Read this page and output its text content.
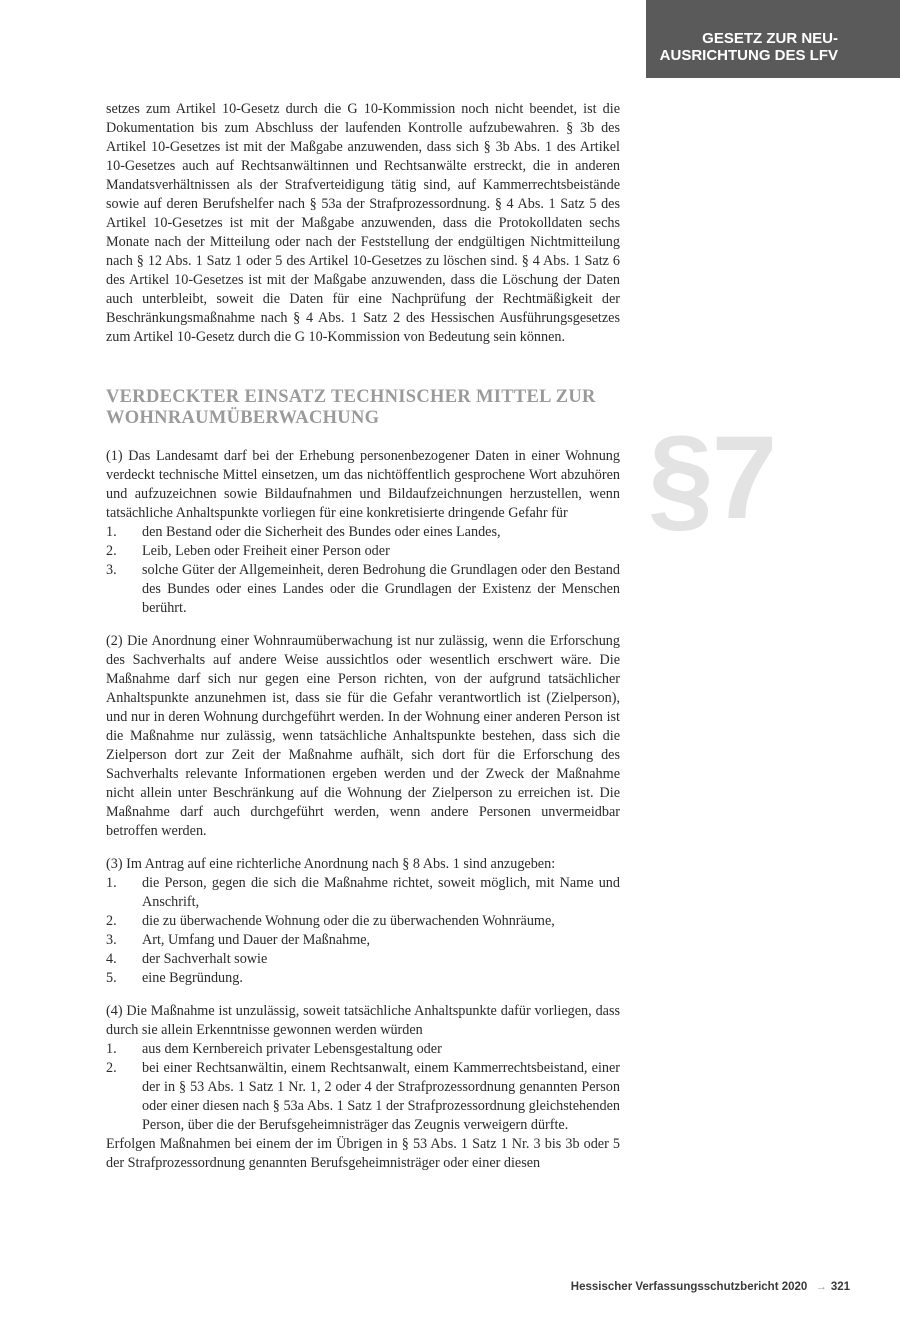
GESETZ ZUR NEU-
AUSRICHTUNG DES LFV
§7

setzes zum Artikel 10-Gesetz durch die G 10-Kommission noch nicht beendet, ist die Dokumentation bis zum Abschluss der laufenden Kontrolle aufzubewahren. § 3b des Artikel 10-Gesetzes ist mit der Maßgabe anzuwenden, dass sich § 3b Abs. 1 des Artikel 10-Gesetzes auch auf Rechtsanwältinnen und Rechtsanwälte erstreckt, die in anderen Mandatsverhältnissen als der Strafverteidigung tätig sind, auf Kammerrechtsbeistände sowie auf deren Berufshelfer nach § 53a der Strafprozessordnung. § 4 Abs. 1 Satz 5 des Artikel 10-Gesetzes ist mit der Maßgabe anzuwenden, dass die Protokolldaten sechs Monate nach der Mitteilung oder nach der Feststellung der endgültigen Nichtmitteilung nach § 12 Abs. 1 Satz 1 oder 5 des Artikel 10-Gesetzes zu löschen sind. § 4 Abs. 1 Satz 6 des Artikel 10-Gesetzes ist mit der Maßgabe anzuwenden, dass die Löschung der Daten auch unterbleibt, soweit die Daten für eine Nachprüfung der Rechtmäßigkeit der Beschränkungsmaßnahme nach § 4 Abs. 1 Satz 2 des Hessischen Ausführungsgesetzes zum Artikel 10-Gesetz durch die G 10-Kommission von Bedeutung sein können.

VERDECKTER EINSATZ TECHNISCHER MITTEL ZUR
WOHNRAUMÜBERWACHUNG

(1) Das Landesamt darf bei der Erhebung personenbezogener Daten in einer Wohnung verdeckt technische Mittel einsetzen, um das nichtöffentlich gesprochene Wort abzuhören und aufzuzeichnen sowie Bildaufnahmen und Bildaufzeichnungen herzustellen, wenn tatsächliche Anhaltspunkte vorliegen für eine konkretisierte dringende Gefahr für

1. den Bestand oder die Sicherheit des Bundes oder eines Landes,
2. Leib, Leben oder Freiheit einer Person oder
3. solche Güter der Allgemeinheit, deren Bedrohung die Grundlagen oder den Bestand des Bundes oder eines Landes oder die Grundlagen der Existenz der Menschen berührt.

(2) Die Anordnung einer Wohnraumüberwachung ist nur zulässig, wenn die Erforschung des Sachverhalts auf andere Weise aussichtlos oder wesentlich erschwert wäre. Die Maßnahme darf sich nur gegen eine Person richten, von der aufgrund tatsächlicher Anhaltspunkte anzunehmen ist, dass sie für die Gefahr verantwortlich ist (Zielperson), und nur in deren Wohnung durchgeführt werden. In der Wohnung einer anderen Person ist die Maßnahme nur zulässig, wenn tatsächliche Anhaltspunkte bestehen, dass sich die Zielperson dort zur Zeit der Maßnahme aufhält, sich dort für die Erforschung des Sachverhalts relevante Informationen ergeben werden und der Zweck der Maßnahme nicht allein unter Beschränkung auf die Wohnung der Zielperson zu erreichen ist. Die Maßnahme darf auch durchgeführt werden, wenn andere Personen unvermeidbar betroffen werden.

(3) Im Antrag auf eine richterliche Anordnung nach § 8 Abs. 1 sind anzugeben:

1. die Person, gegen die sich die Maßnahme richtet, soweit möglich, mit Name und Anschrift,
2. die zu überwachende Wohnung oder die zu überwachenden Wohnräume,
3. Art, Umfang und Dauer der Maßnahme,
4. der Sachverhalt sowie
5. eine Begründung.

(4) Die Maßnahme ist unzulässig, soweit tatsächliche Anhaltspunkte dafür vorliegen, dass durch sie allein Erkenntnisse gewonnen werden würden

1. aus dem Kernbereich privater Lebensgestaltung oder
2. bei einer Rechtsanwältin, einem Rechtsanwalt, einem Kammerrechtsbeistand, einer der in § 53 Abs. 1 Satz 1 Nr. 1, 2 oder 4 der Strafprozessordnung genannten Person oder einer diesen nach § 53a Abs. 1 Satz 1 der Strafprozessordnung gleichstehenden Person, über die der Berufsgeheimnisträger das Zeugnis verweigern dürfte.

Erfolgen Maßnahmen bei einem der im Übrigen in § 53 Abs. 1 Satz 1 Nr. 3 bis 3b oder 5 der Strafprozessordnung genannten Berufsgeheimnisträger oder einer diesen

Hessischer Verfassungsschutzbericht 2020 → 321
